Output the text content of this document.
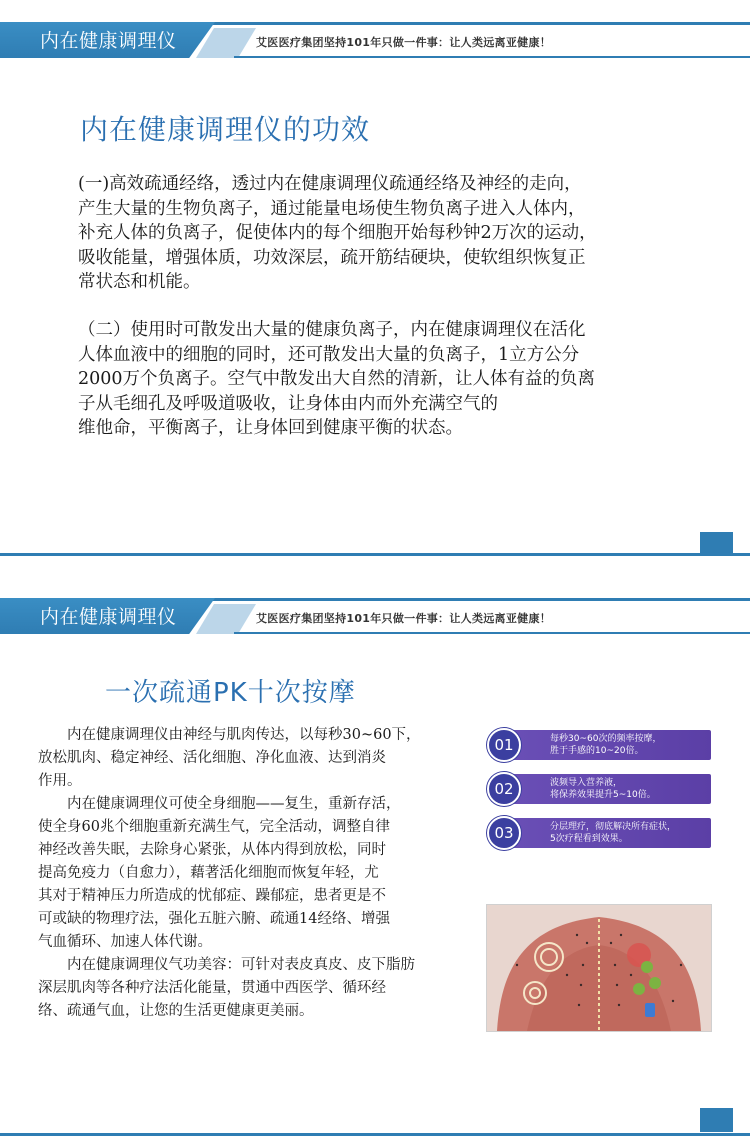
内在健康调理仪	艾医医疗集团坚持101年只做一件事：让人类远离亚健康！
内在健康调理仪的功效
(一)高效疏通经络，透过内在健康调理仪疏通经络及神经的走向，
产生大量的生物负离子，通过能量电场使生物负离子进入人体内，
补充人体的负离子，促使体内的每个细胞开始每秒钟2万次的运动，
吸收能量，增强体质，功效深层，疏开筋结硬块，使软组织恢复正
常状态和机能。
（二）使用时可散发出大量的健康负离子，内在健康调理仪在活化
人体血液中的细胞的同时，还可散发出大量的负离子，1立方公分
2000万个负离子。空气中散发出大自然的清新，让人体有益的负离
子从毛细孔及呼吸道吸收，让身体由内而外充满空气的
维他命，平衡离子，让身体回到健康平衡的状态。
内在健康调理仪	艾医医疗集团坚持101年只做一件事：让人类远离亚健康！
一次疏通PK十次按摩
　　内在健康调理仪由神经与肌肉传达，以每秒30~60下，
放松肌肉、稳定神经、活化细胞、净化血液、达到消炎
作用。
　　内在健康调理仪可使全身细胞——复生，重新存活，
使全身60兆个细胞重新充满生气，完全活动，调整自律
神经改善失眠，去除身心紧张，从体内得到放松，同时
提高免疫力（自愈力），藉著活化细胞而恢复年轻，尤
其对于精神压力所造成的忧郁症、躁郁症，患者更是不
可或缺的物理疗法，强化五脏六腑、疏通14经络、增强
气血循环、加速人体代谢。
　　内在健康调理仪气功美容：可针对表皮真皮、皮下脂肪
深层肌肉等各种疗法活化能量，贯通中西医学、循环经
络、疏通气血，让您的生活更健康更美丽。
01	每秒30~60次的频率按摩，
胜于手感的10~20倍。
02	波频导入营养液，
将保养效果提升5~10倍。
03	分层理疗，彻底解决所有症状，
5次疗程看到效果。
